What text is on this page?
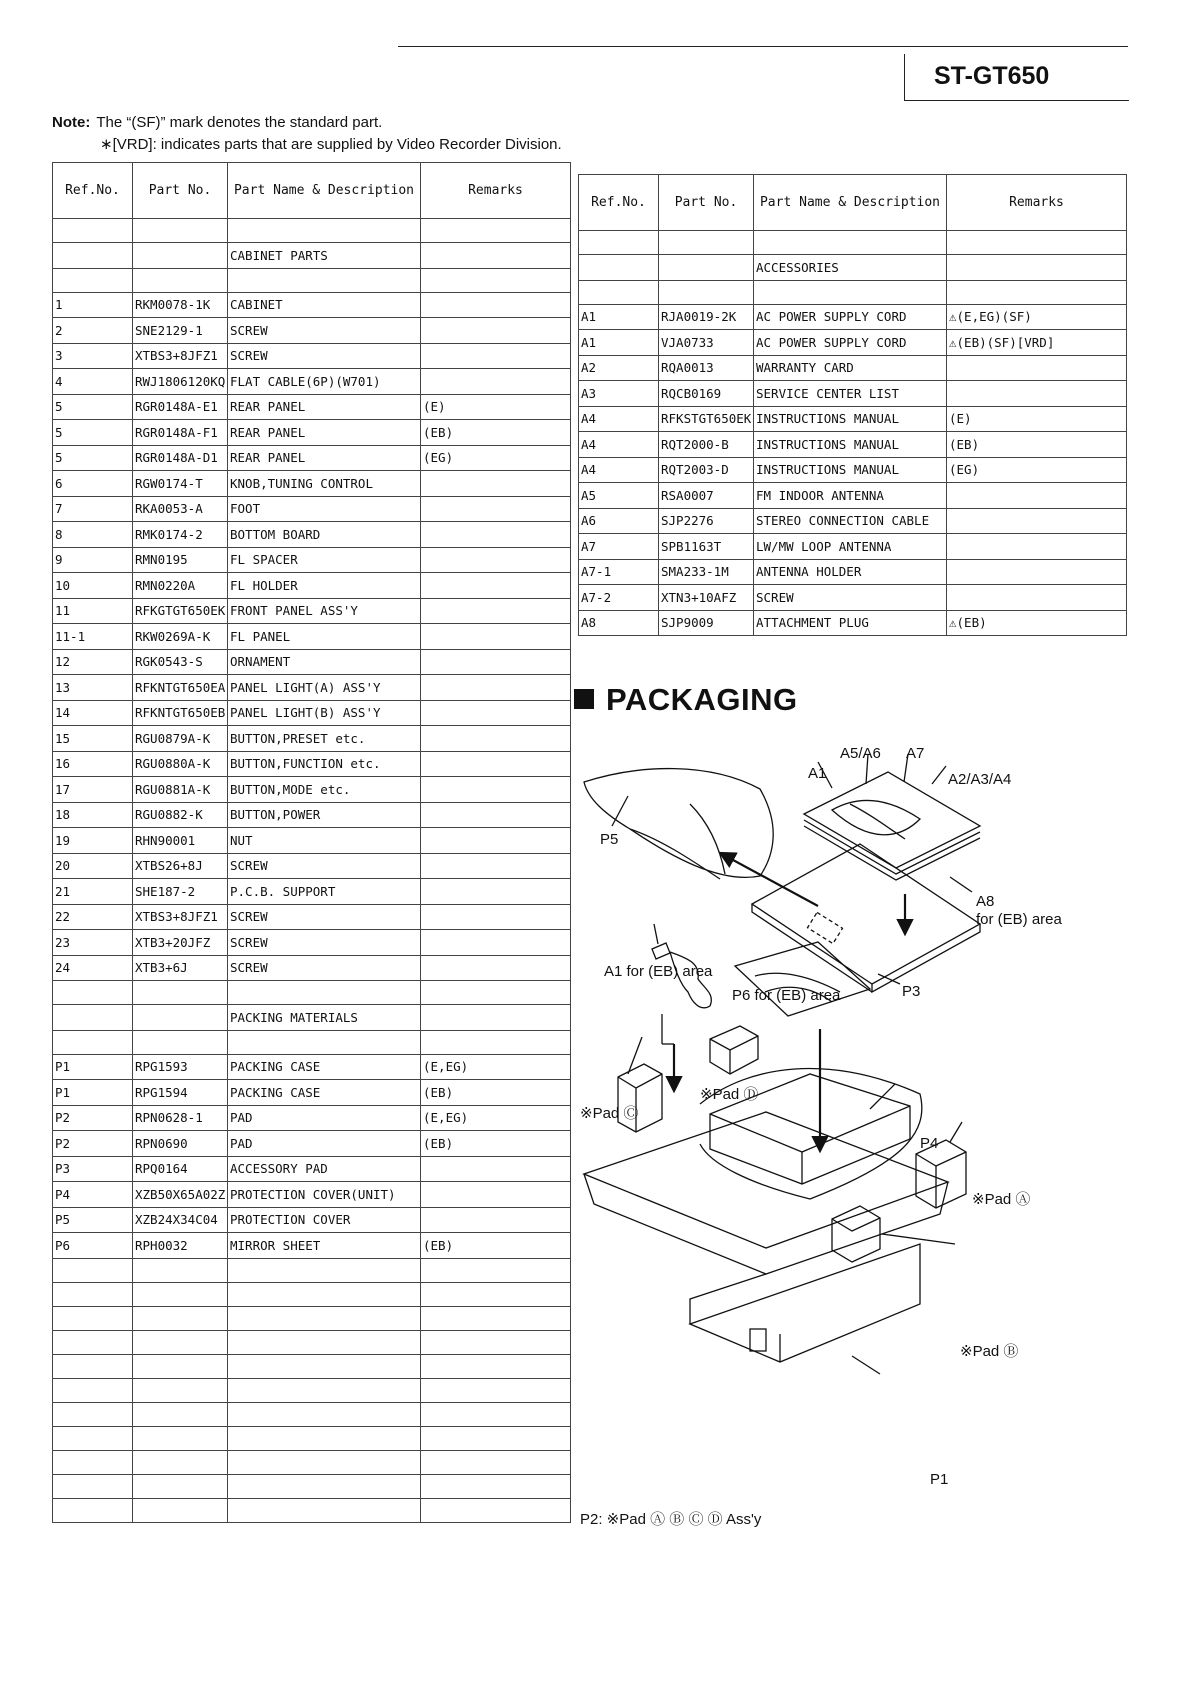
ST-GT650
Note: The “(SF)” mark denotes the standard part.
∗[VRD]: indicates parts that are supplied by Video Recorder Division.
Ref.No.	Part No.	Part Name & Description	Remarks

		CABINET PARTS	

1	RKM0078-1K	CABINET	
2	SNE2129-1	SCREW	
3	XTBS3+8JFZ1	SCREW	
4	RWJ1806120KQ	FLAT CABLE(6P)(W701)	
5	RGR0148A-E1	REAR PANEL	(E)
5	RGR0148A-F1	REAR PANEL	(EB)
5	RGR0148A-D1	REAR PANEL	(EG)
6	RGW0174-T	KNOB,TUNING CONTROL	
7	RKA0053-A	FOOT	
8	RMK0174-2	BOTTOM BOARD	
9	RMN0195	FL SPACER	
10	RMN0220A	FL HOLDER	
11	RFKGTGT650EK	FRONT PANEL ASS'Y	
11-1	RKW0269A-K	FL PANEL	
12	RGK0543-S	ORNAMENT	
13	RFKNTGT650EA	PANEL LIGHT(A) ASS'Y	
14	RFKNTGT650EB	PANEL LIGHT(B) ASS'Y	
15	RGU0879A-K	BUTTON,PRESET etc.	
16	RGU0880A-K	BUTTON,FUNCTION etc.	
17	RGU0881A-K	BUTTON,MODE etc.	
18	RGU0882-K	BUTTON,POWER	
19	RHN90001	NUT	
20	XTBS26+8J	SCREW	
21	SHE187-2	P.C.B. SUPPORT	
22	XTBS3+8JFZ1	SCREW	
23	XTB3+20JFZ	SCREW	
24	XTB3+6J	SCREW	

		PACKING MATERIALS	

P1	RPG1593	PACKING CASE	(E,EG)
P1	RPG1594	PACKING CASE	(EB)
P2	RPN0628-1	PAD	(E,EG)
P2	RPN0690	PAD	(EB)
P3	RPQ0164	ACCESSORY PAD	
P4	XZB50X65A02Z	PROTECTION COVER(UNIT)	
P5	XZB24X34C04	PROTECTION COVER	
P6	RPH0032	MIRROR SHEET	(EB)

Ref.No.	Part No.	Part Name & Description	Remarks

		ACCESSORIES	

A1	RJA0019-2K	AC POWER SUPPLY CORD	⚠(E,EG)(SF)
A1	VJA0733	AC POWER SUPPLY CORD	⚠(EB)(SF)[VRD]
A2	RQA0013	WARRANTY CARD	
A3	RQCB0169	SERVICE CENTER LIST	
A4	RFKSTGT650EK	INSTRUCTIONS MANUAL	(E)
A4	RQT2000-B	INSTRUCTIONS MANUAL	(EB)
A4	RQT2003-D	INSTRUCTIONS MANUAL	(EG)
A5	RSA0007	FM INDOOR ANTENNA	
A6	SJP2276	STEREO CONNECTION CABLE	
A7	SPB1163T	LW/MW LOOP ANTENNA	
A7-1	SMA233-1M	ANTENNA HOLDER	
A7-2	XTN3+10AFZ	SCREW	
A8	SJP9009	ATTACHMENT PLUG	⚠(EB)
PACKAGING
A5/A6 A7
A1	A2/A3/A4
P5
A8
for (EB) area
A1 for (EB) area
P6 for (EB) area	P3
※Pad Ⓓ
※Pad Ⓒ
P4
※Pad Ⓐ
※Pad Ⓑ
P1
P2: ※Pad Ⓐ Ⓑ Ⓒ Ⓓ Ass'y
